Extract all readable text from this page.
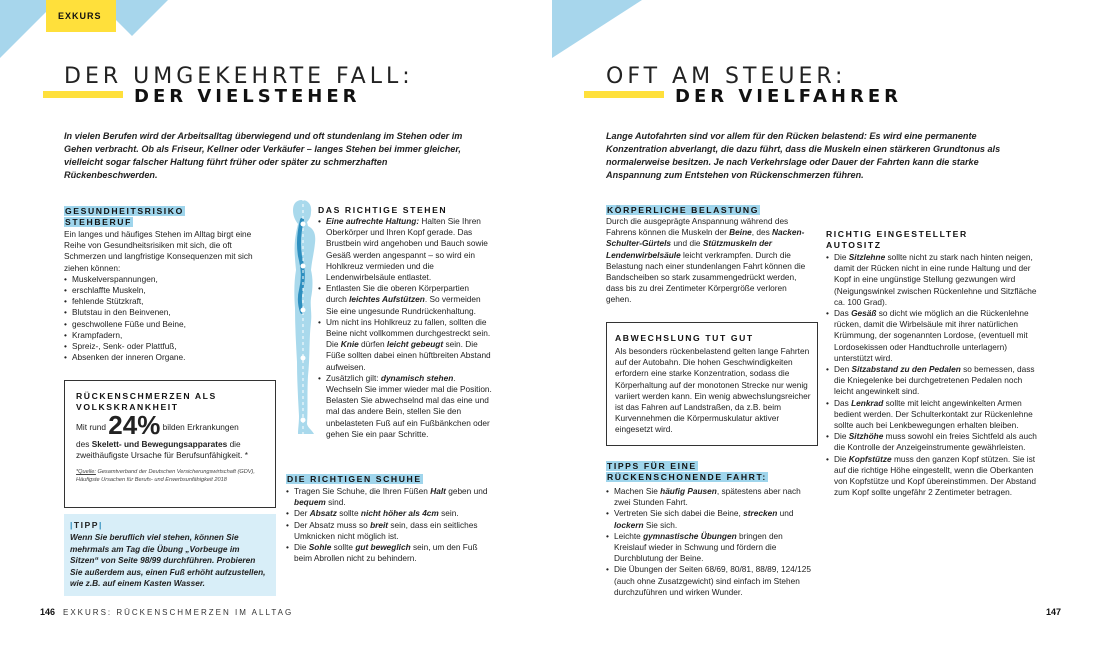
EXKURS
DER UMGEKEHRTE FALL:
DER VIELSTEHER
In vielen Berufen wird der Arbeitsalltag überwiegend und oft stundenlang im Stehen oder im Gehen verbracht. Ob als Friseur, Kellner oder Verkäufer – langes Stehen bei immer gleicher, vielleicht sogar falscher Haltung führt früher oder später zu schmerzhaften Rückenbeschwerden.
GESUNDHEITSRISIKO
STEHBERUF

Ein langes und häufiges Stehen im Alltag birgt eine Reihe von Gesundheitsrisiken mit sich, die oft Schmerzen und langfristige Konsequenzen mit sich ziehen können:

• Muskelverspannungen,
• erschlaffte Muskeln,
• fehlende Stützkraft,
• Blutstau in den Beinvenen,
• geschwollene Füße und Beine,
• Krampfadern,
• Spreiz-, Senk- oder Plattfuß,
• Absenken der inneren Organe.
RÜCKENSCHMERZEN ALS
VOLKSKRANKHEIT
Mit rund 24% bilden Erkrankungen
des Skelett- und Bewegungsapparates die
zweithäufigste Ursache für Berufsunfähigkeit. *
*Quelle: Gesamtverband der Deutschen Versicherungswirtschaft (GDV), Häufigste Ursachen für Berufs- und Erwerbsunfähigkeit 2018
|TIPP|
Wenn Sie beruflich viel stehen, können Sie mehrmals am Tag die Übung „Vorbeuge im Sitzen“ von Seite 98/99 durchführen. Probieren Sie außerdem aus, einen Fuß erhöht aufzustellen, wie z.B. auf einem Kasten Wasser.
DAS RICHTIGE STEHEN
• Eine aufrechte Haltung: Halten Sie Ihren Oberkörper und Ihren Kopf gerade. Das Brustbein wird angehoben und Bauch sowie Gesäß werden angespannt – so wird ein Hohlkreuz vermieden und die Lendenwirbelsäule entlastet.
• Entlasten Sie die oberen Körperpartien durch leichtes Aufstützen. So vermeiden Sie eine ungesunde Rundrückenhaltung.
• Um nicht ins Hohlkreuz zu fallen, sollten die Beine nicht vollkommen durchgestreckt sein. Die Knie dürfen leicht gebeugt sein. Die Füße sollten dabei einen hüftbreiten Abstand aufweisen.
• Zusätzlich gilt: dynamisch stehen. Wechseln Sie immer wieder mal die Position. Belasten Sie abwechselnd mal das eine und mal das andere Bein, stellen Sie den unbelasteten Fuß auf ein Fußbänkchen oder gehen Sie ein paar Schritte.
DIE RICHTIGEN SCHUHE
• Tragen Sie Schuhe, die Ihren Füßen Halt geben und bequem sind.
• Der Absatz sollte nicht höher als 4cm sein.
• Der Absatz muss so breit sein, dass ein seitliches Umknicken nicht möglich ist.
• Die Sohle sollte gut beweglich sein, um den Fuß beim Abrollen nicht zu behindern.
146 EXKURS: RÜCKENSCHMERZEN IM ALLTAG
OFT AM STEUER:
DER VIELFAHRER
Lange Autofahrten sind vor allem für den Rücken belastend: Es wird eine permanente Konzentration abverlangt, die dazu führt, dass die Muskeln einen stärkeren Grundtonus als normalerweise besitzen. Je nach Verkehrslage oder Dauer der Fahrten kann die starke Anspannung zum Entstehen von Rückenschmerzen führen.
KÖRPERLICHE BELASTUNG
Durch die ausgeprägte Anspannung während des Fahrens können die Muskeln der Beine, des Nacken-Schulter-Gürtels und die Stützmuskeln der Lendenwirbelsäule leicht verkrampfen. Durch die Belastung nach einer stundenlangen Fahrt können die Bandscheiben so stark zusammengedrückt werden, dass bis zu drei Zentimeter Körpergröße verloren gehen.
ABWECHSLUNG TUT GUT
Als besonders rückenbelastend gelten lange Fahrten auf der Autobahn. Die hohen Geschwindigkeiten erfordern eine starke Konzentration, sodass die Körperhaltung auf der monotonen Strecke nur wenig variiert werden kann. Ein wenig abwechslungsreicher ist das Fahren auf Landstraßen, da z.B. beim Kurvennehmen die Körpermuskulatur aktiver eingesetzt wird.
TIPPS FÜR EINE
RÜCKENSCHONENDE FAHRT:
• Machen Sie häufig Pausen, spätestens aber nach zwei Stunden Fahrt.
• Vertreten Sie sich dabei die Beine, strecken und lockern Sie sich.
• Leichte gymnastische Übungen bringen den Kreislauf wieder in Schwung und fördern die Durchblutung der Beine.
• Die Übungen der Seiten 68/69, 80/81, 88/89, 124/125 (auch ohne Zusatzgewicht) sind einfach im Stehen durchzuführen und wirken Wunder.
RICHTIG EINGESTELLTER
AUTOSITZ
• Die Sitzlehne sollte nicht zu stark nach hinten neigen, damit der Rücken nicht in eine runde Haltung und der Kopf in eine ungünstige Stellung gezwungen wird (Neigungswinkel zwischen Rückenlehne und Sitzfläche ca. 100 Grad).
• Das Gesäß so dicht wie möglich an die Rückenlehne rücken, damit die Wirbelsäule mit ihrer natürlichen Krümmung, der sogenannten Lordose, (eventuell mit Lordosekissen oder Handtuchrolle unterlagern) unterstützt wird.
• Den Sitzabstand zu den Pedalen so bemessen, dass die Kniegelenke bei durchgetretenen Pedalen noch leicht angewinkelt sind.
• Das Lenkrad sollte mit leicht angewinkelten Armen bedient werden. Der Schulterkontakt zur Rückenlehne sollte auch bei Lenkbewegungen erhalten bleiben.
• Die Sitzhöhe muss sowohl ein freies Sichtfeld als auch die Kontrolle der Anzeigeinstrumente gewährleisten.
• Die Kopfstütze muss den ganzen Kopf stützen. Sie ist auf die richtige Höhe eingestellt, wenn die Oberkanten von Kopfstütze und Kopf übereinstimmen. Der Abstand zum Kopf sollte ungefähr 2 Zentimeter betragen.
147
